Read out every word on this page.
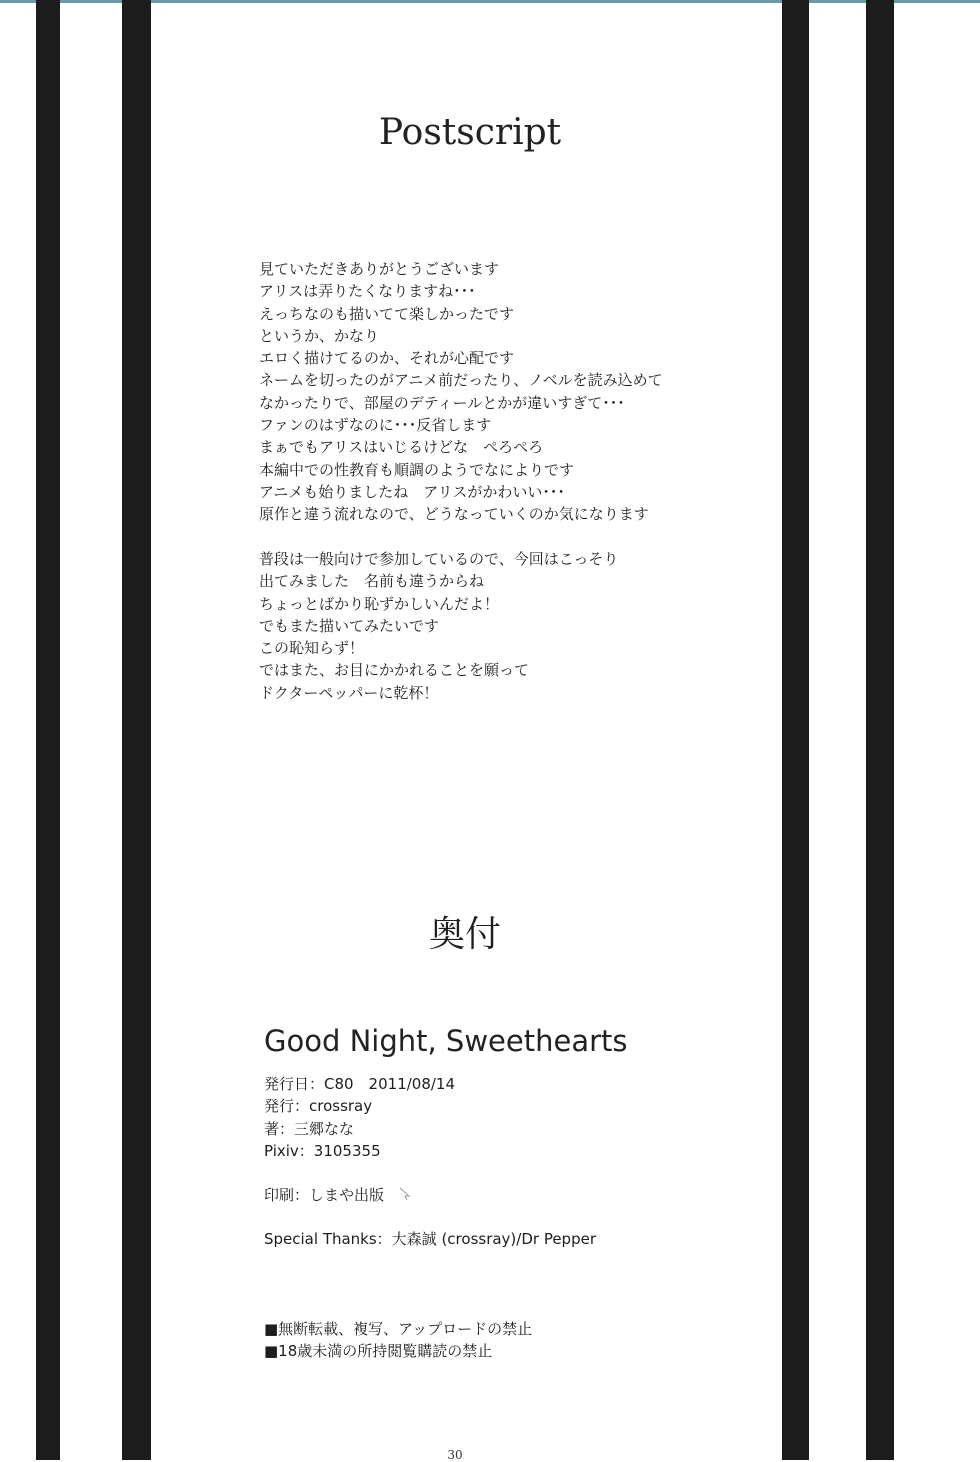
Postscript
見ていただきありがとうございます
アリスは弄りたくなりますね･･･
えっちなのも描いてて楽しかったです
というか、かなり
エロく描けてるのか、それが心配です
ネームを切ったのがアニメ前だったり、ノベルを読み込めて
なかったりで、部屋のデティールとかが違いすぎて･･･
ファンのはずなのに･･･反省します
まぁでもアリスはいじるけどな　ぺろぺろ
本編中での性教育も順調のようでなによりです
アニメも始りましたね　アリスがかわいい･･･
原作と違う流れなので、どうなっていくのか気になります
普段は一般向けで参加しているので、今回はこっそり
出てみました　名前も違うからね
ちょっとばかり恥ずかしいんだよ！
でもまた描いてみたいです
この恥知らず！
ではまた、お目にかかれることを願って
ドクターペッパーに乾杯！
奥付
Good Night, Sweethearts
発行日：C80　2011/08/14
発行：crossray
著：三郷なな
Pixiv：3105355
印刷：しまや出版
Special Thanks：大森誠 (crossray)/Dr Pepper
■無断転載、複写、アップロードの禁止
■18歳未満の所持閲覧購読の禁止
30
